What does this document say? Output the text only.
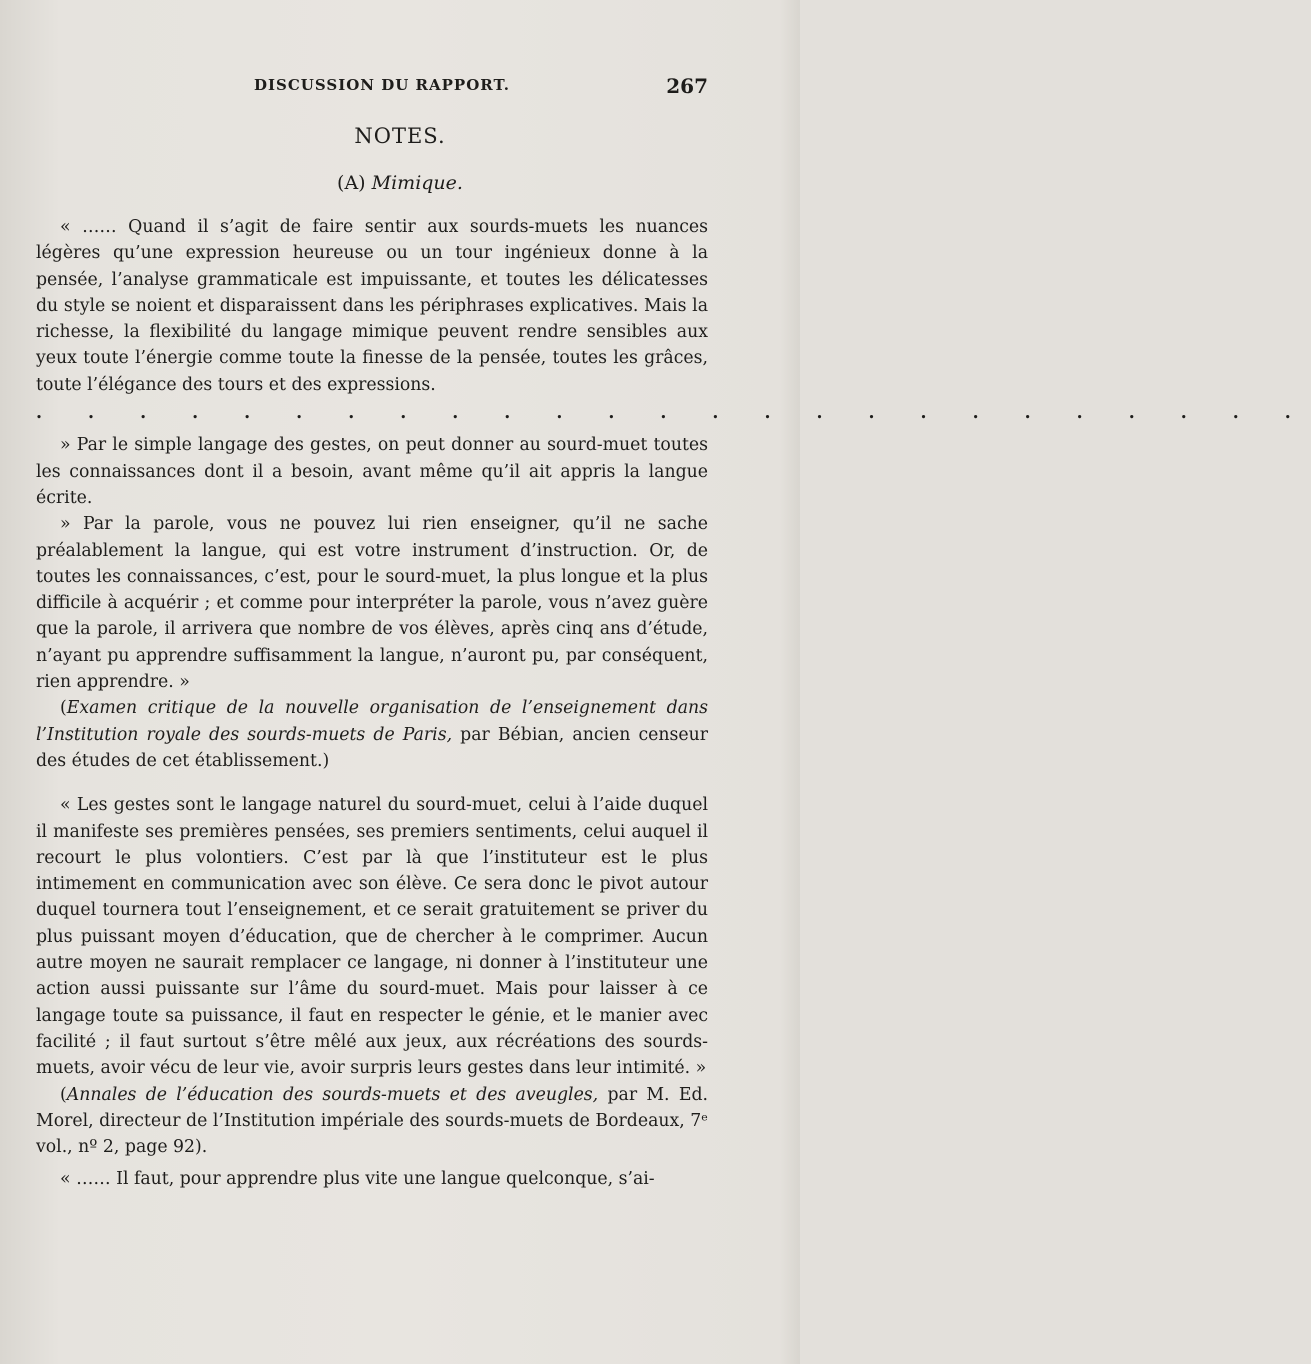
DISCUSSION DU RAPPORT.	267
NOTES.
(A) Mimique.

« …… Quand il s’agit de faire sentir aux sourds-muets les nuances légères qu’une expression heureuse ou un tour ingénieux donne à la pensée, l’analyse grammaticale est impuissante, et toutes les délicatesses du style se noient et disparaissent dans les périphrases explicatives. Mais la richesse, la flexibilité du langage mimique peuvent rendre sensibles aux yeux toute l’énergie comme toute la finesse de la pensée, toutes les grâces, toute l’élégance des tours et des expressions.

. . . . . . . . . . . . . . . . . . . . . . . . .

» Par le simple langage des gestes, on peut donner au sourd-muet toutes les connaissances dont il a besoin, avant même qu’il ait appris la langue écrite.

» Par la parole, vous ne pouvez lui rien enseigner, qu’il ne sache préalablement la langue, qui est votre instrument d’instruction. Or, de toutes les connaissances, c’est, pour le sourd-muet, la plus longue et la plus difficile à acquérir ; et comme pour interpréter la parole, vous n’avez guère que la parole, il arrivera que nombre de vos élèves, après cinq ans d’étude, n’ayant pu apprendre suffisamment la langue, n’auront pu, par conséquent, rien apprendre. »

(Examen critique de la nouvelle organisation de l’enseignement dans l’Institution royale des sourds-muets de Paris, par Bébian, ancien censeur des études de cet établissement.)

« Les gestes sont le langage naturel du sourd-muet, celui à l’aide duquel il manifeste ses premières pensées, ses premiers sentiments, celui auquel il recourt le plus volontiers. C’est par là que l’instituteur est le plus intimement en communication avec son élève. Ce sera donc le pivot autour duquel tournera tout l’enseignement, et ce serait gratuitement se priver du plus puissant moyen d’éducation, que de chercher à le comprimer. Aucun autre moyen ne saurait remplacer ce langage, ni donner à l’instituteur une action aussi puissante sur l’âme du sourd-muet. Mais pour laisser à ce langage toute sa puissance, il faut en respecter le génie, et le manier avec facilité ; il faut surtout s’être mêlé aux jeux, aux récréations des sourds-muets, avoir vécu de leur vie, avoir surpris leurs gestes dans leur intimité. »

(Annales de l’éducation des sourds-muets et des aveugles, par M. Ed. Morel, directeur de l’Institution impériale des sourds-muets de Bordeaux, 7ᵉ vol., nº 2, page 92).

« …… Il faut, pour apprendre plus vite une langue quelconque, s’ai-
